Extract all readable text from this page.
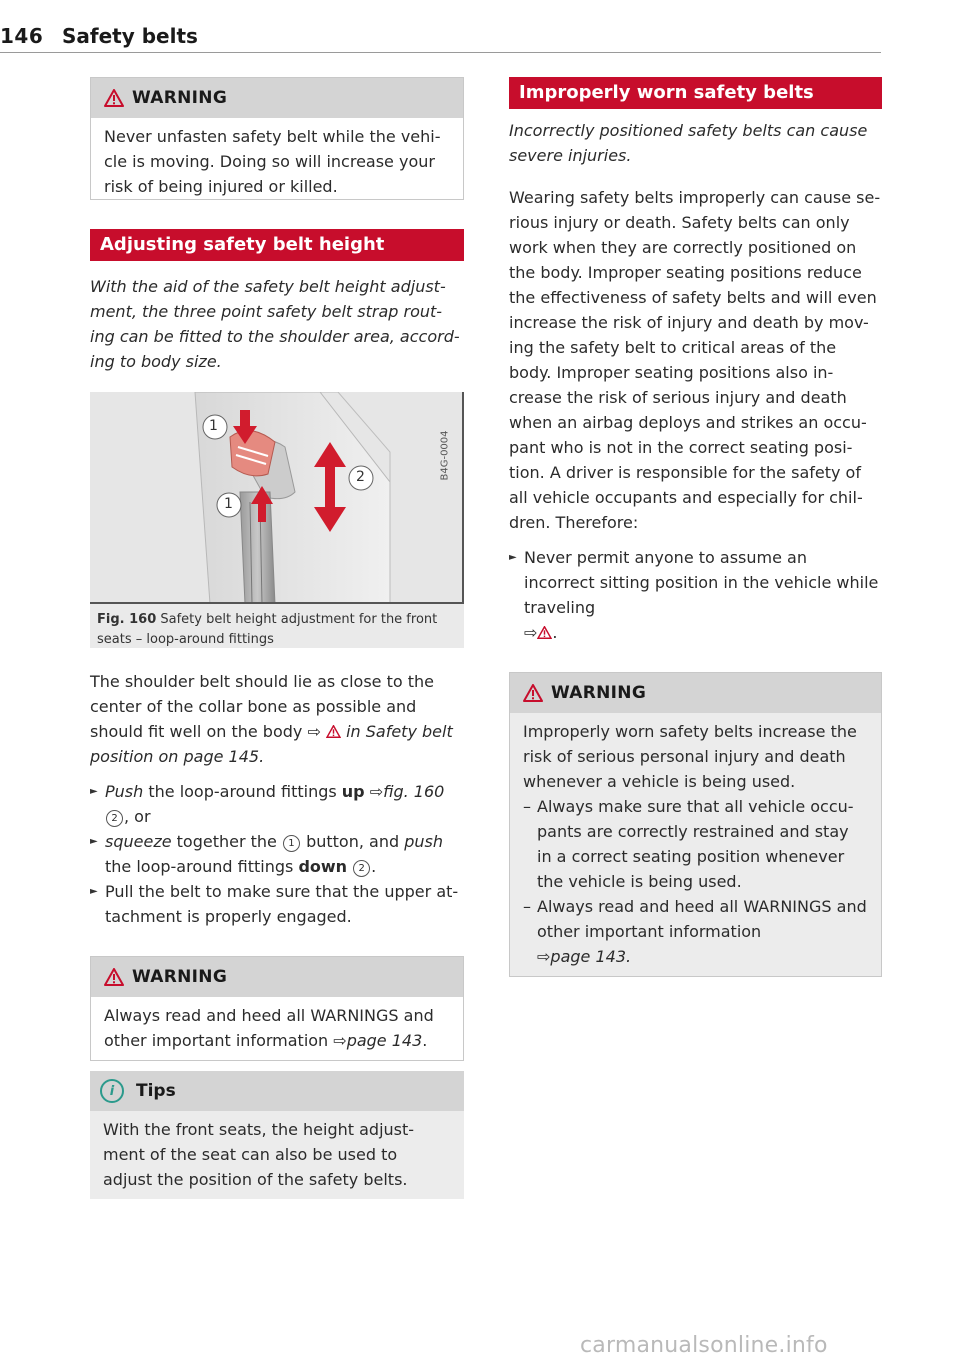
146 Safety belts
WARNING
Never unfasten safety belt while the vehi-cle is moving. Doing so will increase your risk of being injured or killed.
Adjusting safety belt height

With the aid of the safety belt height adjust-ment, the three point safety belt strap rout-ing can be fitted to the shoulder area, accord-ing to body size.

1
2
1
B4G-0004
Fig. 160 Safety belt height adjustment for the front seats – loop-around fittings

The shoulder belt should lie as close to the center of the collar bone as possible and should fit well on the body ⇨ in Safety belt position on page 145.

► Push the loop-around fittings up ⇨fig. 160
2 , or
► squeeze together the 1 button, and push
the loop-around fittings down 2 .
► Pull the belt to make sure that the upper at-tachment is properly engaged.
WARNING
Always read and heed all WARNINGS and other important information ⇨page 143.
i	Tips
With the front seats, the height adjust-ment of the seat can also be used to adjust the position of the safety belts.
Improperly worn safety belts

Incorrectly positioned safety belts can cause severe injuries.

Wearing safety belts improperly can cause se-rious injury or death. Safety belts can only work when they are correctly positioned on the body. Improper seating positions reduce the effectiveness of safety belts and will even increase the risk of injury and death by mov-ing the safety belt to critical areas of the body. Improper seating positions also in-crease the risk of serious injury and death when an airbag deploys and strikes an occu-pant who is not in the correct seating posi-tion. A driver is responsible for the safety of all vehicle occupants and especially for chil-dren. Therefore:

► Never permit anyone to assume an incorrect sitting position in the vehicle while traveling
⇨ .
WARNING
Improperly worn safety belts increase the risk of serious personal injury and death whenever a vehicle is being used.
– Always make sure that all vehicle occu-pants are correctly restrained and stay in a correct seating position whenever the vehicle is being used.
– Always read and heed all WARNINGS and other important information
⇨page 143.
carmanualsonline.info
